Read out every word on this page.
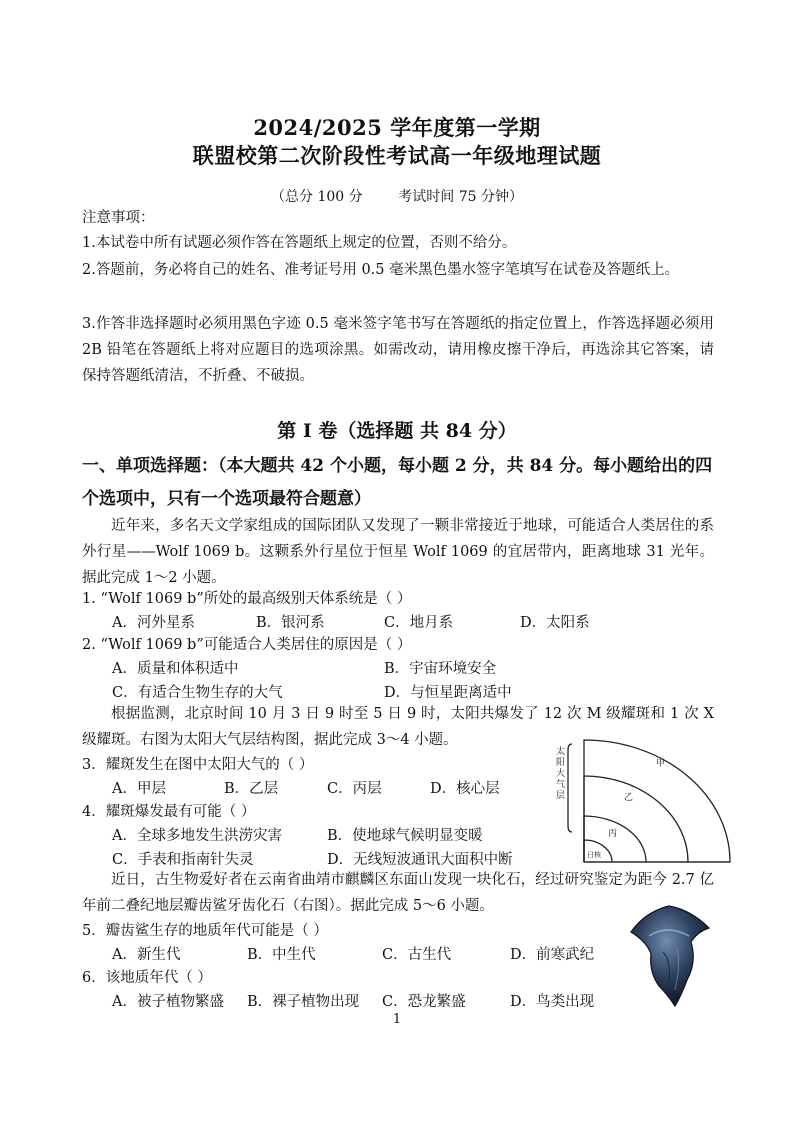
2024/2025 学年度第一学期
联盟校第二次阶段性考试高一年级地理试题
（总分 100 分        考试时间 75 分钟）
注意事项：
1.本试卷中所有试题必须作答在答题纸上规定的位置，否则不给分。
2.答题前，务必将自己的姓名、准考证号用 0.5 毫米黑色墨水签字笔填写在试卷及答题纸上。
3.作答非选择题时必须用黑色字迹 0.5 毫米签字笔书写在答题纸的指定位置上，作答选择题必须用 2B 铅笔在答题纸上将对应题目的选项涂黑。如需改动，请用橡皮擦干净后，再选涂其它答案，请保持答题纸清洁，不折叠、不破损。
第 I 卷（选择题 共 84 分）
一、单项选择题：（本大题共 42 个小题，每小题 2 分，共 84 分。每小题给出的四个选项中，只有一个选项最符合题意）
近年来，多名天文学家组成的国际团队又发现了一颗非常接近于地球，可能适合人类居住的系外行星——Wolf 1069 b。这颗系外行星位于恒星 Wolf 1069 的宜居带内，距离地球 31 光年。据此完成 1～2 小题。
1. “Wolf 1069 b”所处的最高级别天体系统是（ ）
A．河外星系	B．银河系	C．地月系	D．太阳系
2. “Wolf 1069 b”可能适合人类居住的原因是（ ）
A．质量和体积适中	B．宇宙环境安全
C．有适合生物生存的大气	D．与恒星距离适中
根据监测，北京时间 10 月 3 日 9 时至 5 日 9 时，太阳共爆发了 12 次 M 级耀斑和 1 次 X 级耀斑。右图为太阳大气层结构图，据此完成 3～4 小题。
3．耀斑发生在图中太阳大气的（ ）
A．甲层	B．乙层	C．丙层	D．核心层
4．耀斑爆发最有可能（ ）
A．全球多地发生洪涝灾害	B．使地球气候明显变暖
C．手表和指南针失灵	D．无线短波通讯大面积中断
近日，古生物爱好者在云南省曲靖市麒麟区东面山发现一块化石，经过研究鉴定为距今 2.7 亿年前二叠纪地层瓣齿鲨牙齿化石（右图）。据此完成 5～6 小题。
5．瓣齿鲨生存的地质年代可能是（ ）
A．新生代	B．中生代	C．古生代	D．前寒武纪
6．该地质年代（ ）
A．被子植物繁盛 B．裸子植物出现 C．恐龙繁盛	D．鸟类出现
太阳大气层
甲
乙
丙
日核
1
